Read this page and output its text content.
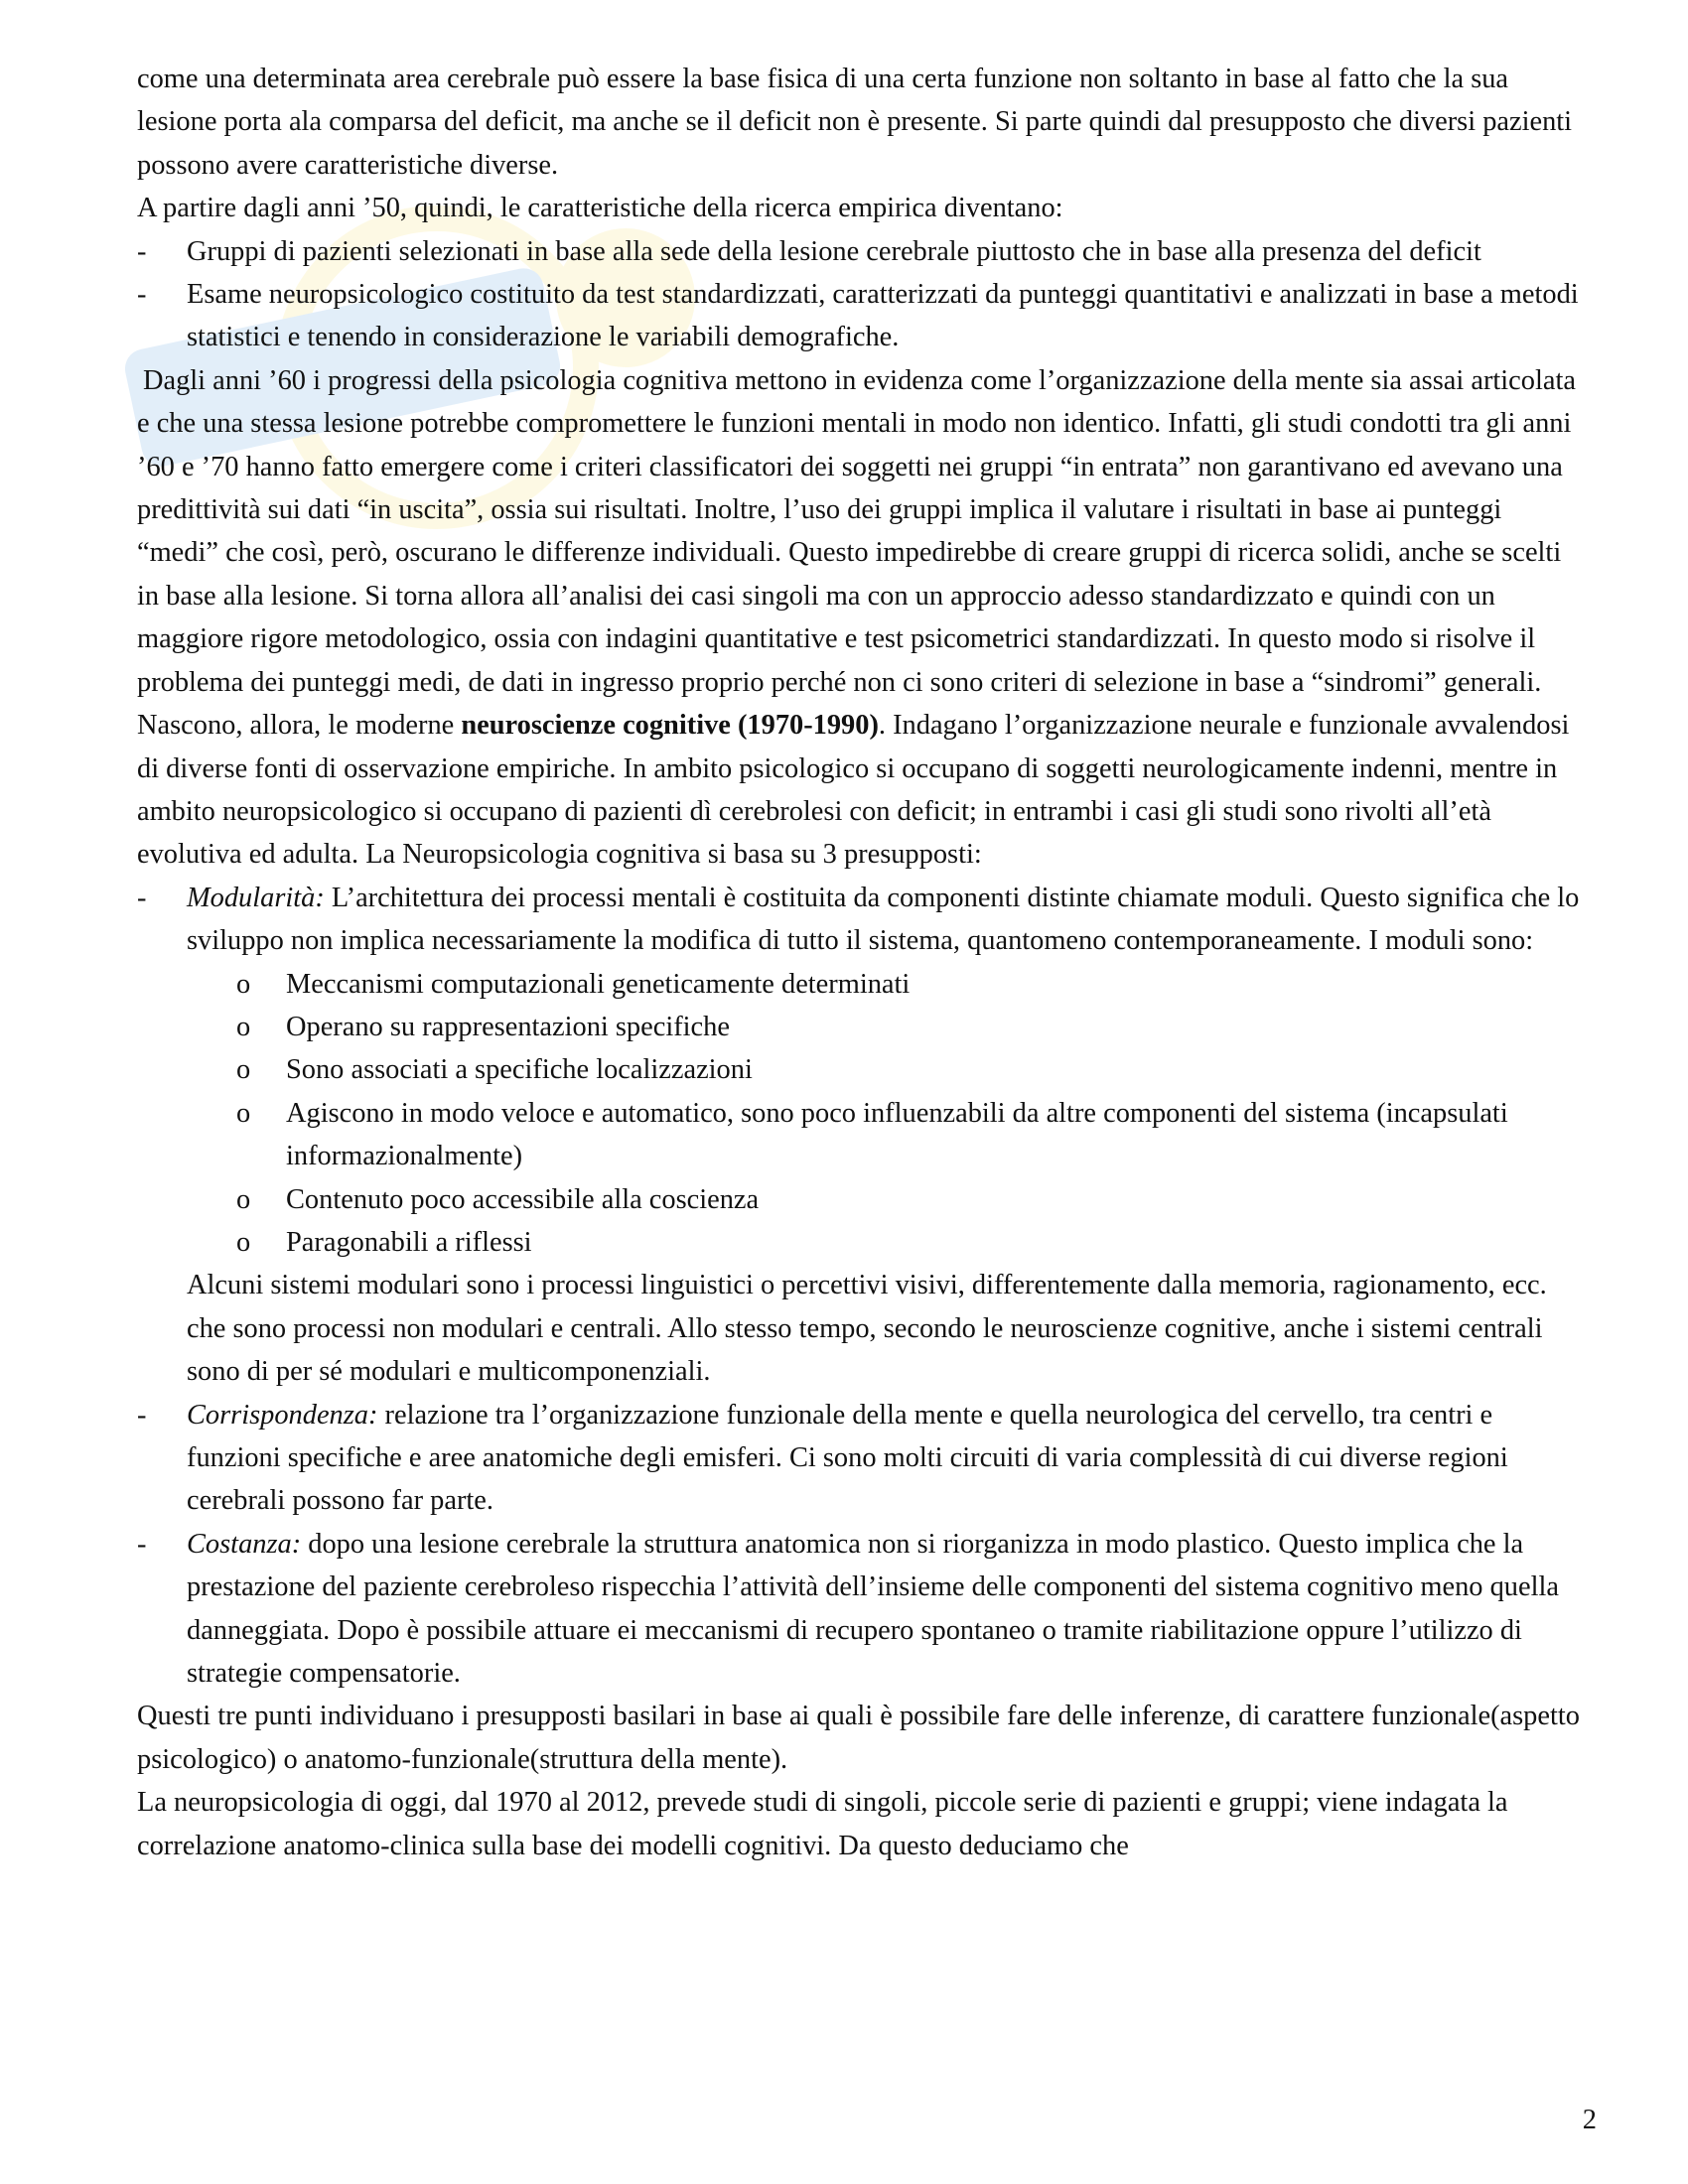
come una determinata area cerebrale può essere la base fisica di una certa funzione non soltanto in base al fatto che la sua lesione porta ala comparsa del deficit, ma anche se il deficit non è presente. Si parte quindi dal presupposto che diversi pazienti possono avere caratteristiche diverse.

A partire dagli anni ’50, quindi, le caratteristiche della ricerca empirica diventano:

- Gruppi di pazienti selezionati in base alla sede della lesione cerebrale piuttosto che in base alla presenza del deficit

- Esame neuropsicologico costituito da test standardizzati, caratterizzati da punteggi quantitativi e analizzati in base a metodi statistici e tenendo in considerazione le variabili demografiche.

Dagli anni ’60 i progressi della psicologia cognitiva mettono in evidenza come l’organizzazione della mente sia assai articolata e che una stessa lesione potrebbe compromettere le funzioni mentali in modo non identico. Infatti, gli studi condotti tra gli anni ’60 e ’70 hanno fatto emergere come i criteri classificatori dei soggetti nei gruppi “in entrata” non garantivano ed avevano una predittività sui dati “in uscita”, ossia sui risultati. Inoltre, l’uso dei gruppi implica il valutare i risultati in base ai punteggi “medi” che così, però, oscurano le differenze individuali. Questo impedirebbe di creare gruppi di ricerca solidi, anche se scelti in base alla lesione. Si torna allora all’analisi dei casi singoli ma con un approccio adesso standardizzato e quindi con un maggiore rigore metodologico, ossia con indagini quantitative e test psicometrici standardizzati. In questo modo si risolve il problema dei punteggi medi, de dati in ingresso proprio perché non ci sono criteri di selezione in base a “sindromi” generali.

Nascono, allora, le moderne neuroscienze cognitive (1970-1990). Indagano l’organizzazione neurale e funzionale avvalendosi di diverse fonti di osservazione empiriche. In ambito psicologico si occupano di soggetti neurologicamente indenni, mentre in ambito neuropsicologico si occupano di pazienti dì cerebrolesi con deficit; in entrambi i casi gli studi sono rivolti all’età evolutiva ed adulta. La Neuropsicologia cognitiva si basa su 3 presupposti:

- Modularità: L’architettura dei processi mentali è costituita da componenti distinte chiamate moduli. Questo significa che lo sviluppo non implica necessariamente la modifica di tutto il sistema, quantomeno contemporaneamente. I moduli sono:
o Meccanismi computazionali geneticamente determinati
o Operano su rappresentazioni specifiche
o Sono associati a specifiche localizzazioni
o Agiscono in modo veloce e automatico, sono poco influenzabili da altre componenti del sistema (incapsulati informazionalmente)
o Contenuto poco accessibile alla coscienza
o Paragonabili a riflessi

Alcuni sistemi modulari sono i processi linguistici o percettivi visivi, differentemente dalla memoria, ragionamento, ecc. che sono processi non modulari e centrali. Allo stesso tempo, secondo le neuroscienze cognitive, anche i sistemi centrali sono di per sé modulari e multicomponenziali.

- Corrispondenza: relazione tra l’organizzazione funzionale della mente e quella neurologica del cervello, tra centri e funzioni specifiche e aree anatomiche degli emisferi. Ci sono molti circuiti di varia complessità di cui diverse regioni cerebrali possono far parte.
- Costanza: dopo una lesione cerebrale la struttura anatomica non si riorganizza in modo plastico. Questo implica che la prestazione del paziente cerebroleso rispecchia l’attività dell’insieme delle componenti del sistema cognitivo meno quella danneggiata. Dopo è possibile attuare ei meccanismi di recupero spontaneo o tramite riabilitazione oppure l’utilizzo di strategie compensatorie.

Questi tre punti individuano i presupposti basilari in base ai quali è possibile fare delle inferenze, di carattere funzionale(aspetto psicologico) o anatomo-funzionale(struttura della mente).

La neuropsicologia di oggi, dal 1970 al 2012, prevede studi di singoli, piccole serie di pazienti e gruppi; viene indagata la correlazione anatomo-clinica sulla base dei modelli cognitivi. Da questo deduciamo che

2
